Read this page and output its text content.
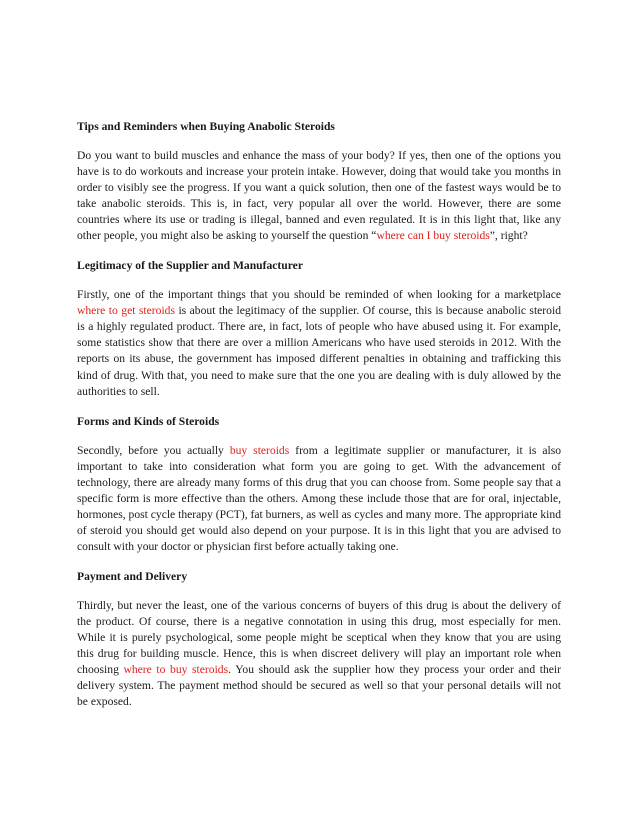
Tips and Reminders when Buying Anabolic Steroids

Do you want to build muscles and enhance the mass of your body? If yes, then one of the options you have is to do workouts and increase your protein intake. However, doing that would take you months in order to visibly see the progress. If you want a quick solution, then one of the fastest ways would be to take anabolic steroids. This is, in fact, very popular all over the world. However, there are some countries where its use or trading is illegal, banned and even regulated. It is in this light that, like any other people, you might also be asking to yourself the question “where can I buy steroids”, right?

Legitimacy of the Supplier and Manufacturer

Firstly, one of the important things that you should be reminded of when looking for a marketplace where to get steroids is about the legitimacy of the supplier. Of course, this is because anabolic steroid is a highly regulated product. There are, in fact, lots of people who have abused using it. For example, some statistics show that there are over a million Americans who have used steroids in 2012. With the reports on its abuse, the government has imposed different penalties in obtaining and trafficking this kind of drug. With that, you need to make sure that the one you are dealing with is duly allowed by the authorities to sell.

Forms and Kinds of Steroids

Secondly, before you actually buy steroids from a legitimate supplier or manufacturer, it is also important to take into consideration what form you are going to get. With the advancement of technology, there are already many forms of this drug that you can choose from. Some people say that a specific form is more effective than the others. Among these include those that are for oral, injectable, hormones, post cycle therapy (PCT), fat burners, as well as cycles and many more. The appropriate kind of steroid you should get would also depend on your purpose. It is in this light that you are advised to consult with your doctor or physician first before actually taking one.

Payment and Delivery

Thirdly, but never the least, one of the various concerns of buyers of this drug is about the delivery of the product. Of course, there is a negative connotation in using this drug, most especially for men. While it is purely psychological, some people might be sceptical when they know that you are using this drug for building muscle. Hence, this is when discreet delivery will play an important role when choosing where to buy steroids. You should ask the supplier how they process your order and their delivery system. The payment method should be secured as well so that your personal details will not be exposed.
